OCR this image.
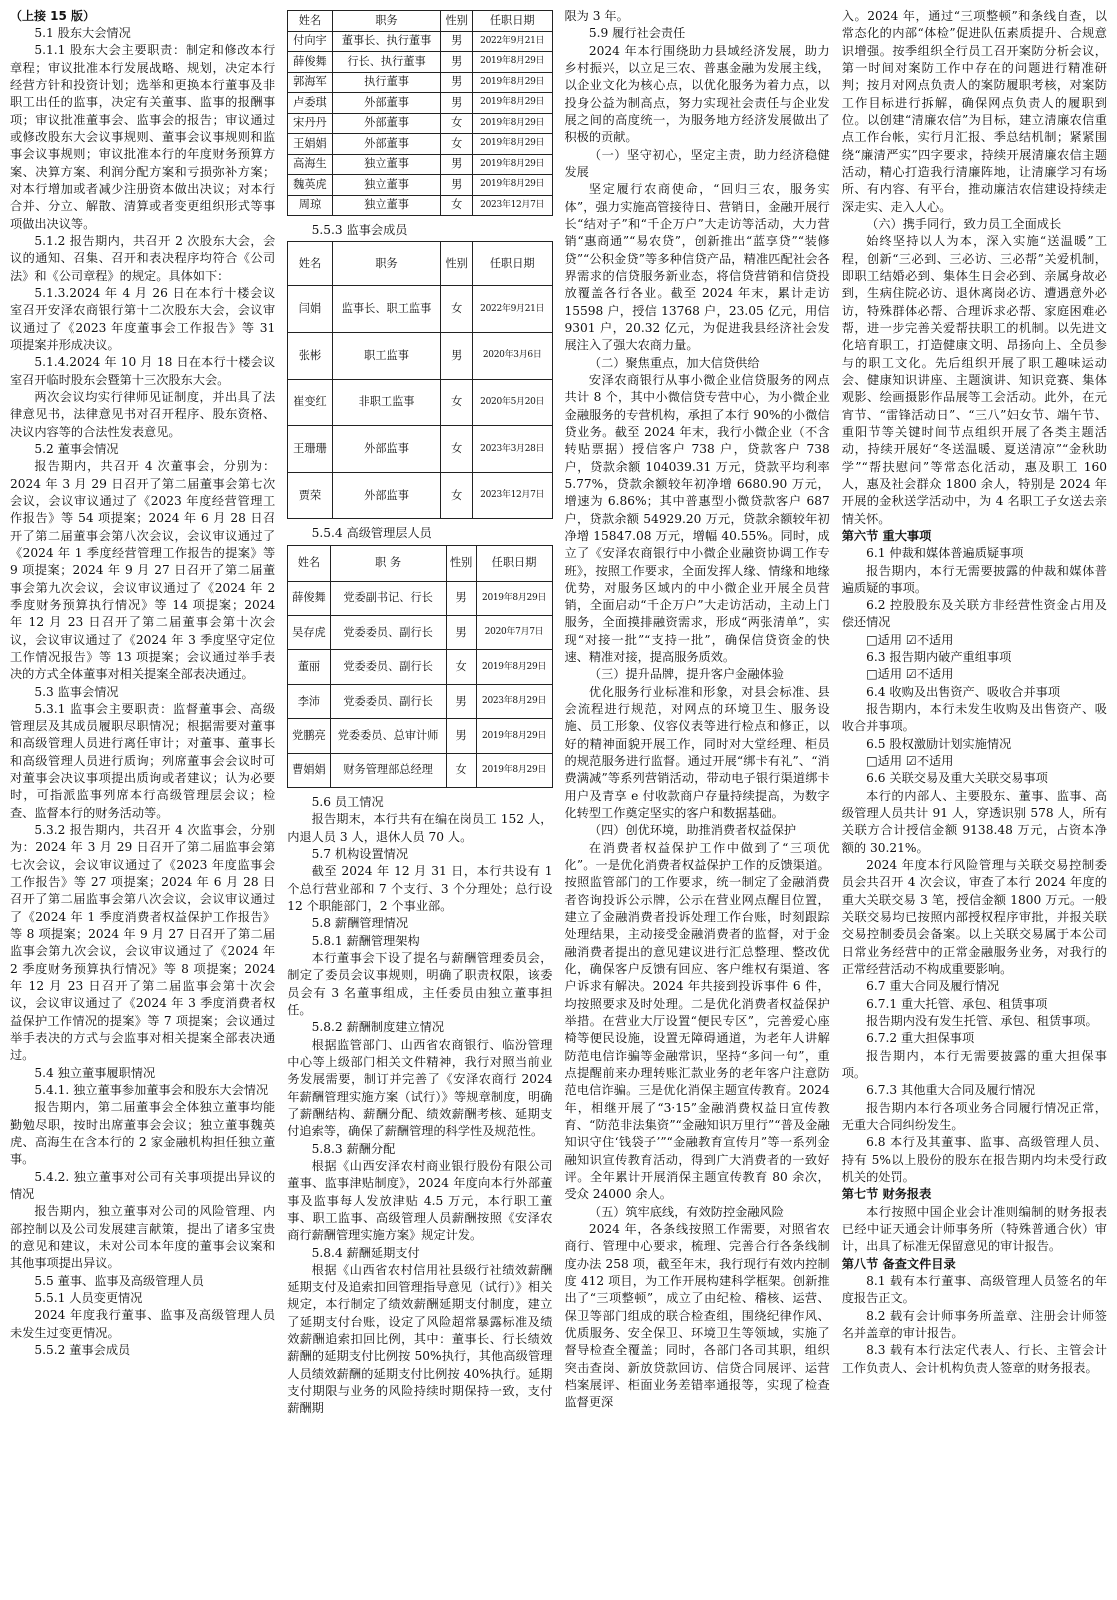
（上接 15 版）

5.1 股东大会情况

5.1.1 股东大会主要职责：制定和修改本行章程；审议批准本行发展战略、规划，决定本行经营方针和投资计划；选举和更换本行董事及非职工出任的监事，决定有关董事、监事的报酬事项；审议批准董事会、监事会的报告；审议通过或修改股东大会议事规则、董事会议事规则和监事会议事规则；审议批准本行的年度财务预算方案、决算方案、利润分配方案和亏损弥补方案；对本行增加或者减少注册资本做出决议；对本行合并、分立、解散、清算或者变更组织形式等事项做出决议等。

5.1.2 报告期内，共召开 2 次股东大会，会议的通知、召集、召开和表决程序均符合《公司法》和《公司章程》的规定。具体如下：

5.1.3.2024 年 4 月 26 日在本行十楼会议室召开安泽农商银行第十二次股东大会，会议审议通过了《2023 年度董事会工作报告》等 31 项提案并形成决议。

5.1.4.2024 年 10 月 18 日在本行十楼会议室召开临时股东会暨第十三次股东大会。

两次会议均实行律师见证制度，并出具了法律意见书，法律意见书对召开程序、股东资格、决议内容等的合法性发表意见。

5.2 董事会情况

报告期内，共召开 4 次董事会，分别为：2024 年 3 月 29 日召开了第二届董事会第七次会议，会议审议通过了《2023 年度经营管理工作报告》等 54 项提案；2024 年 6 月 28 日召开了第二届董事会第八次会议，会议审议通过了《2024 年 1 季度经营管理工作报告的提案》等 9 项提案；2024 年 9 月 27 日召开了第二届董事会第九次会议，会议审议通过了《2024 年 2 季度财务预算执行情况》等 14 项提案；2024 年 12 月 23 日召开了第二届董事会第十次会议，会议审议通过了《2024 年 3 季度坚守定位工作情况报告》等 13 项提案；会议通过举手表决的方式全体董事对相关提案全部表决通过。

5.3 监事会情况

5.3.1 监事会主要职责：监督董事会、高级管理层及其成员履职尽职情况；根据需要对董事和高级管理人员进行离任审计；对董事、董事长和高级管理人员进行质询；列席董事会会议时可对董事会决议事项提出质询或者建议；认为必要时，可指派监事列席本行高级管理层会议；检查、监督本行的财务活动等。

5.3.2 报告期内，共召开 4 次监事会，分别为：2024 年 3 月 29 日召开了第二届监事会第七次会议，会议审议通过了《2023 年度监事会工作报告》等 27 项提案；2024 年 6 月 28 日召开了第二届监事会第八次会议，会议审议通过了《2024 年 1 季度消费者权益保护工作报告》等 8 项提案；2024 年 9 月 27 日召开了第二届监事会第九次会议，会议审议通过了《2024 年 2 季度财务预算执行情况》等 8 项提案；2024 年 12 月 23 日召开了第二届监事会第十次会议，会议审议通过了《2024 年 3 季度消费者权益保护工作情况的提案》等 7 项提案；会议通过举手表决的方式与会监事对相关提案全部表决通过。

5.4 独立董事履职情况

5.4.1. 独立董事参加董事会和股东大会情况

报告期内，第二届董事会全体独立董事均能勤勉尽职，按时出席董事会会议；独立董事魏英虎、高海生在含本行的 2 家金融机构担任独立董事。

5.4.2. 独立董事对公司有关事项提出异议的情况

报告期内，独立董事对公司的风险管理、内部控制以及公司发展建言献策，提出了诸多宝贵的意见和建议，未对公司本年度的董事会议案和其他事项提出异议。

5.5 董事、监事及高级管理人员

5.5.1 人员变更情况

2024 年度我行董事、监事及高级管理人员未发生过变更情况。

5.5.2 董事会成员

姓名	职务	性别	任职日期
付向宇	董事长、执行董事	男	2022年9月21日
薛俊舞	行长、执行董事	男	2019年8月29日
郭海军	执行董事	男	2019年8月29日
卢委琪	外部董事	男	2019年8月29日
宋丹丹	外部董事	女	2019年8月29日
王娟娟	外部董事	女	2019年8月29日
高海生	独立董事	男	2019年8月29日
魏英虎	独立董事	男	2019年8月29日
周琼	独立董事	女	2023年12月7日

5.5.3 监事会成员

姓名	职务	性别	任职日期
闫娟	监事长、职工监事	女	2022年9月21日
张彬	职工监事	男	2020年3月6日
崔变红	非职工监事	女	2020年5月20日
王珊珊	外部监事	女	2023年3月28日
贾荣	外部监事	女	2023年12月7日

5.5.4 高级管理层人员

姓名	职 务	性别	任职日期
薛俊舞	党委副书记、行长	男	2019年8月29日
吴存虎	党委委员、副行长	男	2020年7月7日
董丽	党委委员、副行长	女	2019年8月29日
李沛	党委委员、副行长	男	2023年8月29日
党鹏亮	党委委员、总审计师	男	2019年8月29日
曹娟娟	财务管理部总经理	女	2019年8月29日

5.6 员工情况

报告期末，本行共有在编在岗员工 152 人，内退人员 3 人，退休人员 70 人。

5.7 机构设置情况

截至 2024 年 12 月 31 日，本行共设有 1 个总行营业部和 7 个支行、3 个分理处；总行设 12 个职能部门，2 个事业部。

5.8 薪酬管理情况

5.8.1 薪酬管理架构

本行董事会下设了提名与薪酬管理委员会，制定了委员会议事规则，明确了职责权限，该委员会有 3 名董事组成，主任委员由独立董事担任。

5.8.2 薪酬制度建立情况

根据监管部门、山西省农商银行、临汾管理中心等上级部门相关文件精神，我行对照当前业务发展需要，制订并完善了《安泽农商行 2024 年薪酬管理实施方案（试行）》等规章制度，明确了薪酬结构、薪酬分配、绩效薪酬考核、延期支付追索等，确保了薪酬管理的科学性及规范性。

5.8.3 薪酬分配

根据《山西安泽农村商业银行股份有限公司董事、监事津贴制度》，2024 年度向本行外部董事及监事每人发放津贴 4.5 万元，本行职工董事、职工监事、高级管理人员薪酬按照《安泽农商行薪酬管理实施方案》规定计发。

5.8.4 薪酬延期支付

根据《山西省农村信用社县级行社绩效薪酬延期支付及追索扣回管理指导意见（试行）》相关规定，本行制定了绩效薪酬延期支付制度，建立了延期支付台账，设定了风险超常暴露标准及绩效薪酬追索扣回比例，其中：董事长、行长绩效薪酬的延期支付比例按 50%执行，其他高级管理人员绩效薪酬的延期支付比例按 40%执行。延期支付期限与业务的风险持续时期保持一致，支付薪酬期

限为 3 年。

5.9 履行社会责任

2024 年本行围绕助力县域经济发展，助力乡村振兴，以立足三农、普惠金融为发展主线，以企业文化为核心点，以优化服务为着力点，以投身公益为制高点，努力实现社会责任与企业发展之间的高度统一，为服务地方经济发展做出了积极的贡献。

（一）坚守初心，坚定主责，助力经济稳健发展

坚定履行农商使命，“回归三农，服务实体”，强力实施高管接待日、营销日，金融开展行长“结对子”和“千企万户”大走访等活动，大力营销“惠商通”“易农贷”，创新推出“蓝享贷”“装修贷”“公积金贷”等多种信贷产品，精准匹配社会各界需求的信贷服务新业态，将信贷营销和信贷投放覆盖各行各业。截至 2024 年末，累计走访 15598 户，授信 13768 户，23.05 亿元，用信 9301 户，20.32 亿元，为促进我县经济社会发展注入了强大农商力量。

（二）聚焦重点，加大信贷供给

安泽农商银行从事小微企业信贷服务的网点共计 8 个，其中小微信贷专营中心，为小微企业金融服务的专营机构，承担了本行 90%的小微信贷业务。截至 2024 年末，我行小微企业（不含转贴票据）授信客户 738 户，贷款客户 738 户，贷款余额 104039.31 万元，贷款平均利率 5.77%，贷款余额较年初净增 6680.90 万元，增速为 6.86%；其中普惠型小微贷款客户 687 户，贷款余额 54929.20 万元，贷款余额较年初净增 15847.08 万元，增幅 40.55%。同时，成立了《安泽农商银行中小微企业融资协调工作专班》，按照工作要求，全面发挥人缘、情缘和地缘优势，对服务区域内的中小微企业开展全员营销，全面启动“千企万户”大走访活动，主动上门服务，全面摸排融资需求，形成“两张清单”，实现“对接一批”“支持一批”，确保信贷资金的快速、精准对接，提高服务质效。

（三）提升品牌，提升客户金融体验

优化服务行业标准和形象，对县会标准、县会流程进行规范，对网点的环境卫生、服务设施、员工形象、仪容仪表等进行检点和修正，以好的精神面貌开展工作，同时对大堂经理、柜员的规范服务进行监督。通过开展“绑卡有礼”、“消费满减”等系列营销活动，带动电子银行渠道绑卡用户及青享 e 付收款商户存量持续提高，为数字化转型工作奠定坚实的客户和数据基础。

（四）创优环境，助推消费者权益保护

在消费者权益保护工作中做到了“三项优化”。一是优化消费者权益保护工作的反馈渠道。按照监管部门的工作要求，统一制定了金融消费者咨询投诉公示牌，公示在营业网点醒目位置，建立了金融消费者投诉处理工作台账，时刻跟踪处理结果，主动接受金融消费者的监督，对于金融消费者提出的意见建议进行汇总整理、整改优化，确保客户反馈有回应、客户维权有渠道、客户诉求有解决。2024 年共接到投诉事件 6 件，均按照要求及时处理。二是优化消费者权益保护举措。在营业大厅设置“便民专区”，完善爱心座椅等便民设施，设置无障碍通道，为老年人讲解防范电信诈骗等金融常识，坚持“多问一句”，重点提醒前来办理转账汇款业务的老年客户注意防范电信诈骗。三是优化消保主题宣传教育。2024 年，相继开展了“3·15”金融消费权益日宣传教育、“防范非法集资”“金融知识万里行”“普及金融知识守住‘钱袋子’”“金融教育宣传月”等一系列金融知识宣传教育活动，得到广大消费者的一致好评。全年累计开展消保主题宣传教育 80 余次，受众 24000 余人。

（五）筑牢底线，有效防控金融风险

2024 年，各条线按照工作需要，对照省农商行、管理中心要求，梳理、完善合行各条线制度办法 258 项，截至年末，我行现行有效内控制度 412 项目，为工作开展构建科学框架。创新推出了“三项整顿”，成立了由纪检、稽核、运营、保卫等部门组成的联合检查组，围绕纪律作风、优质服务、安全保卫、环境卫生等领域，实施了督导检查全覆盖；同时，各部门各司其职，组织突击查岗、新放贷款回访、信贷合同展评、运营档案展评、柜面业务差错率通报等，实现了检查监督更深

入。2024 年，通过“三项整顿”和条线自查，以常态化的内部“体检”促进队伍素质提升、合规意识增强。按季组织全行员工召开案防分析会议，第一时间对案防工作中存在的问题进行精准研判；按月对网点负责人的案防履职考核，对案防工作目标进行拆解，确保网点负责人的履职到位。以创建“清廉农信”为目标，建立清廉农信重点工作台帐，实行月汇报、季总结机制；紧紧围绕“廉清严实”四字要求，持续开展清廉农信主题活动，精心打造我行清廉阵地，让清廉学习有场所、有内容、有平台，推动廉洁农信建设持续走深走实、走入人心。

（六）携手同行，致力员工全面成长

始终坚持以人为本，深入实施“送温暖”工程，创新“三必到、三必访、三必帮”关爱机制，即职工结婚必到、集体生日会必到、亲属身故必到，生病住院必访、退休离岗必访、遭遇意外必访，特殊群体必帮、合理诉求必帮、家庭困难必帮，进一步完善关爱帮扶职工的机制。以先进文化培育职工，打造健康文明、昂扬向上、全员参与的职工文化。先后组织开展了职工趣味运动会、健康知识讲座、主题演讲、知识竞赛、集体观影、绘画摄影作品展等工会活动。此外，在元宵节、“雷锋活动日”、“三八”妇女节、端午节、重阳节等关键时间节点组织开展了各类主题活动，持续开展好“冬送温暖、夏送清凉”“金秋助学”“帮扶慰问”等常态化活动，惠及职工 160 人，惠及社会群众 1800 余人，特别是 2024 年开展的金秋送学活动中，为 4 名职工子女送去亲情关怀。

第六节 重大事项

6.1 仲裁和媒体普遍质疑事项

报告期内，本行无需要披露的仲裁和媒体普遍质疑的事项。

6.2 控股股东及关联方非经营性资金占用及偿还情况

□适用 ☑不适用

6.3 报告期内破产重组事项

□适用 ☑不适用

6.4 收购及出售资产、吸收合并事项

报告期内，本行未发生收购及出售资产、吸收合并事项。

6.5 股权激励计划实施情况

□适用 ☑不适用

6.6 关联交易及重大关联交易事项

本行的内部人、主要股东、董事、监事、高级管理人员共计 91 人，穿透识别 578 人，所有关联方合计授信金额 9138.48 万元，占资本净额的 30.21%。

2024 年度本行风险管理与关联交易控制委员会共召开 4 次会议，审查了本行 2024 年度的重大关联交易 3 笔，授信金额 1800 万元。一般关联交易均已按照内部授权程序审批，并报关联交易控制委员会备案。以上关联交易属于本公司日常业务经营中的正常金融服务业务，对我行的正常经营活动不构成重要影响。

6.7 重大合同及履行情况

6.7.1 重大托管、承包、租赁事项

报告期内没有发生托管、承包、租赁事项。

6.7.2 重大担保事项

报告期内，本行无需要披露的重大担保事项。

6.7.3 其他重大合同及履行情况

报告期内本行各项业务合同履行情况正常，无重大合同纠纷发生。

6.8 本行及其董事、监事、高级管理人员、持有 5%以上股份的股东在报告期内均未受行政机关的处罚。

第七节 财务报表

本行按照中国企业会计准则编制的财务报表已经中证天通会计师事务所（特殊普通合伙）审计，出具了标准无保留意见的审计报告。

第八节 备查文件目录

8.1 载有本行董事、高级管理人员签名的年度报告正文。

8.2 载有会计师事务所盖章、注册会计师签名并盖章的审计报告。

8.3 载有本行法定代表人、行长、主管会计工作负责人、会计机构负责人签章的财务报表。
